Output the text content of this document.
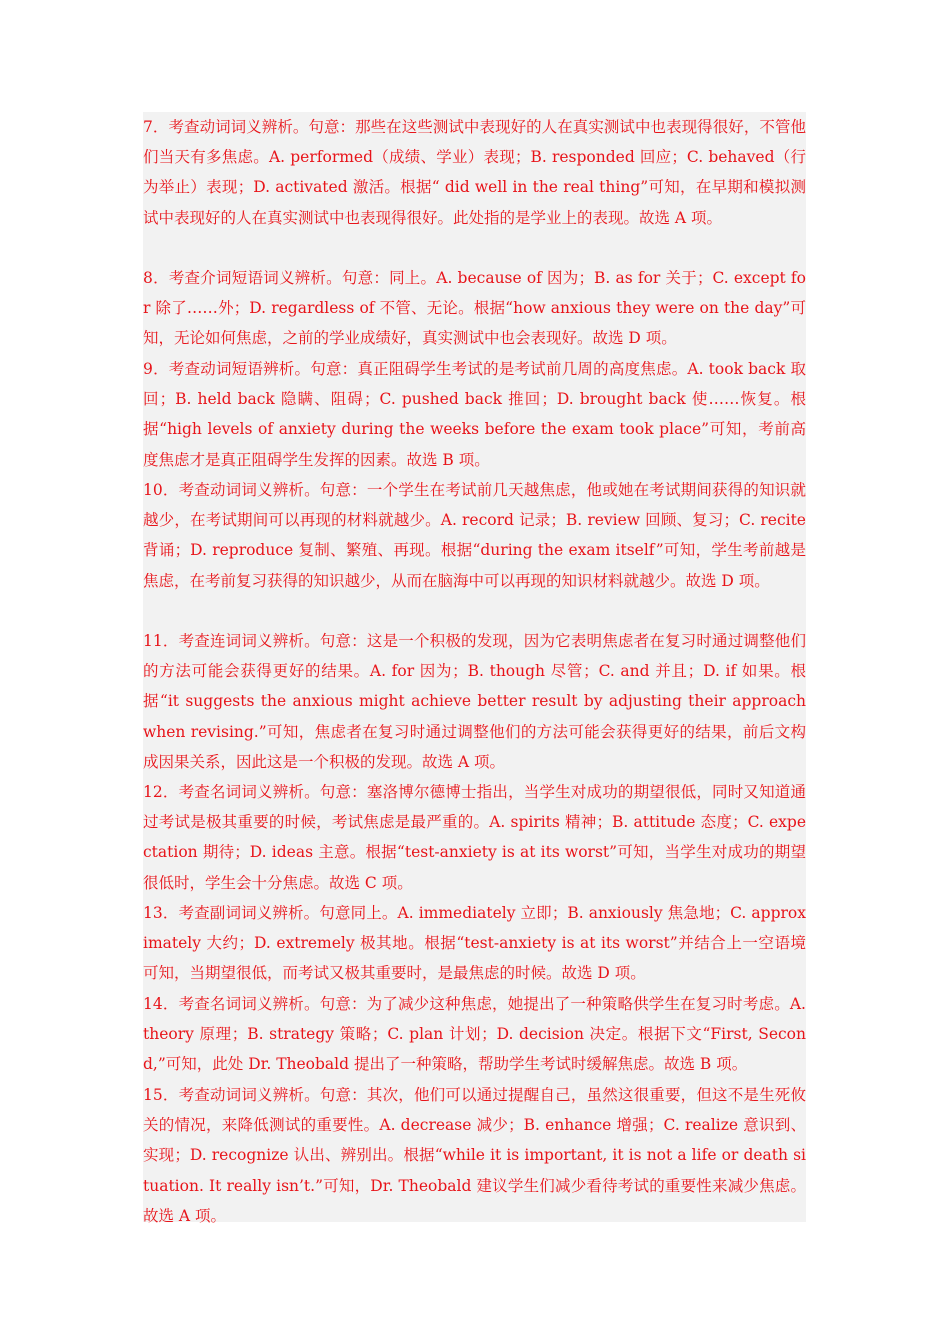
7．考查动词词义辨析。句意：那些在这些测试中表现好的人在真实测试中也表现得很好，不管他们当天有多焦虑。A. performed（成绩、学业）表现；B. responded 回应；C. behaved（行为举止）表现；D. activated 激活。根据“ did well in the real thing”可知，在早期和模拟测试中表现好的人在真实测试中也表现得很好。此处指的是学业上的表现。故选 A 项。

8．考查介词短语词义辨析。句意：同上。A. because of 因为；B. as for 关于；C. except for 除了……外；D. regardless of 不管、无论。根据“how anxious they were on the day”可知，无论如何焦虑，之前的学业成绩好，真实测试中也会表现好。故选 D 项。

9．考查动词短语辨析。句意：真正阻碍学生考试的是考试前几周的高度焦虑。A. took back 取回；B. held back 隐瞒、阻碍；C. pushed back 推回；D. brought back 使……恢复。根据“high levels of anxiety during the weeks before the exam took place”可知，考前高度焦虑才是真正阻碍学生发挥的因素。故选 B 项。

10．考查动词词义辨析。句意：一个学生在考试前几天越焦虑，他或她在考试期间获得的知识就越少，在考试期间可以再现的材料就越少。A. record 记录；B. review 回顾、复习；C. recite 背诵；D. reproduce 复制、繁殖、再现。根据“during the exam itself”可知，学生考前越是焦虑，在考前复习获得的知识越少，从而在脑海中可以再现的知识材料就越少。故选 D 项。

11．考查连词词义辨析。句意：这是一个积极的发现，因为它表明焦虑者在复习时通过调整他们的方法可能会获得更好的结果。A. for 因为；B. though 尽管；C. and 并且；D. if 如果。根据“it suggests the anxious might achieve better result by adjusting their approach when revising.”可知，焦虑者在复习时通过调整他们的方法可能会获得更好的结果，前后文构成因果关系，因此这是一个积极的发现。故选 A 项。

12．考查名词词义辨析。句意：塞洛博尔德博士指出，当学生对成功的期望很低，同时又知道通过考试是极其重要的时候，考试焦虑是最严重的。A. spirits 精神；B. attitude 态度；C. expectation 期待；D. ideas 主意。根据“test-anxiety is at its worst”可知，当学生对成功的期望很低时，学生会十分焦虑。故选 C 项。

13．考查副词词义辨析。句意同上。A. immediately 立即；B. anxiously 焦急地；C. approximately 大约；D. extremely 极其地。根据“test-anxiety is at its worst”并结合上一空语境可知，当期望很低，而考试又极其重要时，是最焦虑的时候。故选 D 项。

14．考查名词词义辨析。句意：为了减少这种焦虑，她提出了一种策略供学生在复习时考虑。A. theory 原理；B. strategy 策略；C. plan 计划；D. decision 决定。根据下文“First, Second,”可知，此处 Dr. Theobald 提出了一种策略，帮助学生考试时缓解焦虑。故选 B 项。

15．考查动词词义辨析。句意：其次，他们可以通过提醒自己，虽然这很重要，但这不是生死攸关的情况，来降低测试的重要性。A. decrease 减少；B. enhance 增强；C. realize 意识到、实现；D. recognize 认出、辨别出。根据“while it is important, it is not a life or death situation. It really isn’t.”可知，Dr. Theobald 建议学生们减少看待考试的重要性来减少焦虑。故选 A 项。
